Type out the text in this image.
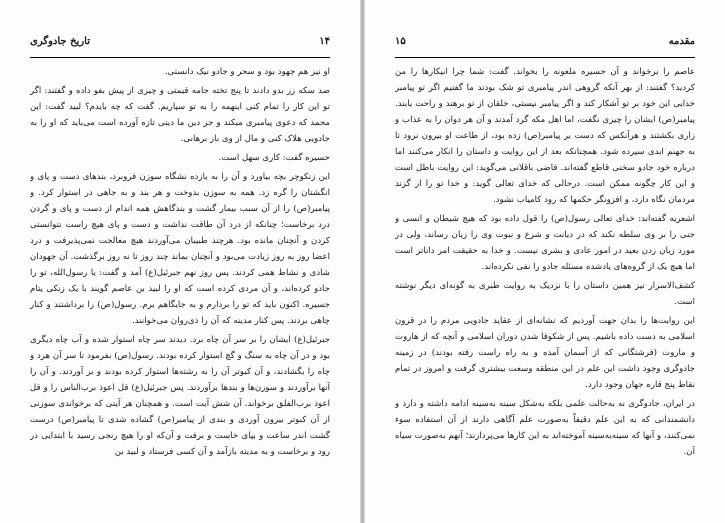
تاریخ جادوگری	۱۴

او نیز هم جهود بود و سحر و جادو نیک دانستی.

صد سکه زر بدو دادند تا پنج تخته جامه قیمتی و چیزی از پیش بفو داده و گفتند: اگر تو این کار را تمام کنی اینهمه را به تو سپاریم. گفت که چه بایدم؟ لبید گفت: این محمد که دعوی پیامبری میکند و جز دین ما دینی تازه آورده است می‌باید که او را به جادویی هلاک کنی و مال از وی باز برهانی.

حسیره گفت: کاری سهل است.

این زنکوچر بچه بیاورد و آن را به یازده نشگاه سوزن فروبرد، بندهای دست و پای و انگشتان را گره زد. همه به سوزن بدوخت و هر بند و به جاهی در استوار کرد. و پیامبر(ص) را از آن سبب بیمار گشت و بندگاهش همه اندام از دست و پای و گردن درد برخاست؛ چنانکه از درد آن طاقت نداشت و دست و پای هیچ راست نتوانستی کردن و آنچنان مانده بود. هرچند طبیبان می‌آوردند هیچ معالجت نمی‌پذیرفت و درد اعضا روز به روز زیادت می‌بود و آنچنان بماند چند روز تا نه روز برگذشت. آن جهودان شادی و نشاط همی کردند. پس روز نهم جبرئیل(ع) آمد و گفت: یا رسول‌الله، تو را جادو کرده‌اند، و آن مردی کرده است که او را لبید بن عاصم گویند با یک زنکی یتام جسیره. اکنون باید که تو را بردارم و به جایگاهم برم. رسول(ص) را برداشتند و کنار چاهی بردند. پس کنار مدینه که آن را ذی‌روان می‌خوانند.

جبرئیل(ع) ایشان را بر سر آن چاه برد. دیدند سر چاه استوار شده و آب چاه دیگری بود و در آن چاه به سنگ و گچ استوار کرده بودند. رسول(ص) بفرمود تا سر آن هرد و چاه را بگشادند، و آن کبوتر آن را به رشته‌ها استوار کرده بودند و بر آوردند. و آن را آنها برآوردند و سوزن‌ها و بندها برآوردند. پس جبرئیل(ع) قل اعوذ برب‌الناس را و قل اعوذ برب‌الفلق برخواند. آن شش آیت است. و همچنان هر آیتی که برخواندی سوزنی از آن کبوتر بیرون آوردی و بندی از پیامبر(ص) گشاده شدی تا پیامبر(ص) درست گشت اندر ساعت و بپای خاست و برفت و آن‌که او را هیچ رنجی رسید با ابتدایی در رود و برخاست و به مدینه بازآمد و آن کسی فرستاد و لبید بن

۱۵	مقدمه

عاصم را برخواند و آن حسیره ملعونه را بخواند. گفت: شما چرا انیکارها را من کردید؟ گفتند: از بهر آنکه گروهی اندر پیامبری تو شک بودند ما گفتیم اگر تو پیامبر خدایی این خود بر تو آشکار کند و اگر پیامبر نیستی، خلقان از تو برهند و راحت یابند. پیامبر(ص) ایشان را چیزی نگفت، اما اهل مکه گرد آمدند و آن هر دوان را به عذاب و زاری بکشتند و هرآنکس که دست بر پیامبر(ص) زده بود، از طاعت او بیرون نرود تا به جهنم ابدی سپرده شود. همچنانکه بعد از این روایت و داستان را انکار می‌کنند اما درباره خود جادو سخنی قاطع گفته‌اند. قاضی باقلانی می‌گوید: این روایت باطل است و این کار چگونه ممکن است. درحالی که خدای تعالی گوید: و خدا تو را از گزند مردمان نگاه دارد، و افزونگر حکمها که رود کامیاب نشود.

اشعریه گفته‌اند: خدای تعالی رسول(ص) را قول داده بود که هیچ شیطان و انسی و جنی را بر وی سلطه نکند که در دیانت و شرع و نبوت وی را زیان رساند، ولی در مورد زیان زدن بعید در امور عادی و بشری نیست. و خدا به حقیقت امر داناتر است اما هیچ یک از گروه‌های یادشده مسئله جادو را نفی نکرده‌اند.

کشف‌الاسرار نیز همین داستان را با نزدیک به روایت طبری به گونه‌ای دیگر نوشته است.

این روایت‌ها را بدان جهت آوردیم که نشانه‌ای از عقاید جادویی مردم را در قرون اسلامی به دست داده باشیم. پس از شکوفا شدن دوران اسلامی و آنچه که از هاروت و ماروت (فرشتگانی که از آسمان آمده و به راه راست رفته بودند) در زمینه جادوگری وجود داشت این علم در این منطقه وسعت بیشتری گرفت و امروز در تمام نقاط پنج قاره جهان وجود دارد.

در ایران، جادوگری نه به‌حالت علمی بلکه به‌شکل سینه به‌سینه ادامه داشته و دارد و دانشمندانی که به این علم دقیقاً به‌صورت علم آگاهی دارند از آن استفاده سوء نمی‌کنند، و آنها که سینه‌به‌سینه آموخته‌اند به این کارها می‌پردازند؛ آنهم به‌صورت سیاه آن.
